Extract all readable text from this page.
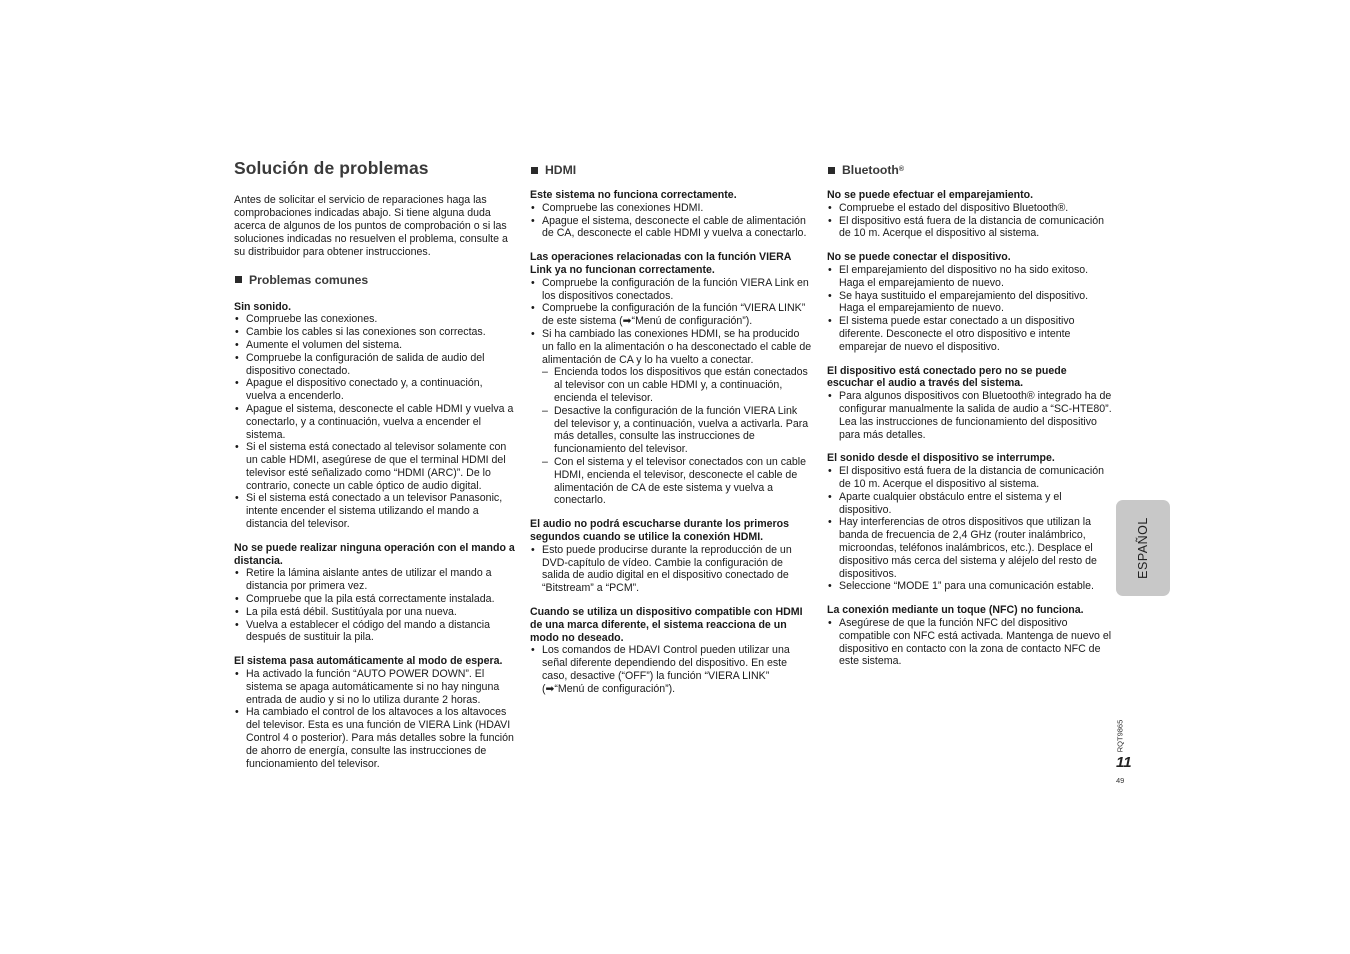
Solución de problemas

Antes de solicitar el servicio de reparaciones haga las comprobaciones indicadas abajo. Si tiene alguna duda acerca de algunos de los puntos de comprobación o si las soluciones indicadas no resuelven el problema, consulte a su distribuidor para obtener instrucciones.

Problemas comunes

Sin sonido.

• Compruebe las conexiones.
• Cambie los cables si las conexiones son correctas.
• Aumente el volumen del sistema.
• Compruebe la configuración de salida de audio del dispositivo conectado.
• Apague el dispositivo conectado y, a continuación, vuelva a encenderlo.
• Apague el sistema, desconecte el cable HDMI y vuelva a conectarlo, y a continuación, vuelva a encender el sistema.
• Si el sistema está conectado al televisor solamente con un cable HDMI, asegúrese de que el terminal HDMI del televisor esté señalizado como “HDMI (ARC)”. De lo contrario, conecte un cable óptico de audio digital.
• Si el sistema está conectado a un televisor Panasonic, intente encender el sistema utilizando el mando a distancia del televisor.

No se puede realizar ninguna operación con el mando a distancia.

• Retire la lámina aislante antes de utilizar el mando a distancia por primera vez.
• Compruebe que la pila está correctamente instalada.
• La pila está débil. Sustitúyala por una nueva.
• Vuelva a establecer el código del mando a distancia después de sustituir la pila.

El sistema pasa automáticamente al modo de espera.

• Ha activado la función “AUTO POWER DOWN”. El sistema se apaga automáticamente si no hay ninguna entrada de audio y si no lo utiliza durante 2 horas.
• Ha cambiado el control de los altavoces a los altavoces del televisor. Esta es una función de VIERA Link (HDAVI Control 4 o posterior). Para más detalles sobre la función de ahorro de energía, consulte las instrucciones de funcionamiento del televisor.
HDMI

Este sistema no funciona correctamente.

• Compruebe las conexiones HDMI.
• Apague el sistema, desconecte el cable de alimentación de CA, desconecte el cable HDMI y vuelva a conectarlo.

Las operaciones relacionadas con la función VIERA Link ya no funcionan correctamente.

• Compruebe la configuración de la función VIERA Link en los dispositivos conectados.
• Compruebe la configuración de la función “VIERA LINK” de este sistema (➡“Menú de configuración”).
• Si ha cambiado las conexiones HDMI, se ha producido un fallo en la alimentación o ha desconectado el cable de alimentación de CA y lo ha vuelto a conectar.
– Encienda todos los dispositivos que están conectados al televisor con un cable HDMI y, a continuación, encienda el televisor.
– Desactive la configuración de la función VIERA Link del televisor y, a continuación, vuelva a activarla. Para más detalles, consulte las instrucciones de funcionamiento del televisor.
– Con el sistema y el televisor conectados con un cable HDMI, encienda el televisor, desconecte el cable de alimentación de CA de este sistema y vuelva a conectarlo.

El audio no podrá escucharse durante los primeros segundos cuando se utilice la conexión HDMI.

• Esto puede producirse durante la reproducción de un DVD-capítulo de vídeo. Cambie la configuración de salida de audio digital en el dispositivo conectado de “Bitstream” a “PCM”.

Cuando se utiliza un dispositivo compatible con HDMI de una marca diferente, el sistema reacciona de un modo no deseado.

• Los comandos de HDAVI Control pueden utilizar una señal diferente dependiendo del dispositivo. En este caso, desactive (“OFF”) la función “VIERA LINK” (➡“Menú de configuración”).
Bluetooth ®

No se puede efectuar el emparejamiento.

• Compruebe el estado del dispositivo Bluetooth®.
• El dispositivo está fuera de la distancia de comunicación de 10 m. Acerque el dispositivo al sistema.

No se puede conectar el dispositivo.

• El emparejamiento del dispositivo no ha sido exitoso. Haga el emparejamiento de nuevo.
• Se haya sustituido el emparejamiento del dispositivo. Haga el emparejamiento de nuevo.
• El sistema puede estar conectado a un dispositivo diferente. Desconecte el otro dispositivo e intente emparejar de nuevo el dispositivo.

El dispositivo está conectado pero no se puede escuchar el audio a través del sistema.

• Para algunos dispositivos con Bluetooth® integrado ha de configurar manualmente la salida de audio a “SC-HTE80”. Lea las instrucciones de funcionamiento del dispositivo para más detalles.

El sonido desde el dispositivo se interrumpe.

• El dispositivo está fuera de la distancia de comunicación de 10 m. Acerque el dispositivo al sistema.
• Aparte cualquier obstáculo entre el sistema y el dispositivo.
• Hay interferencias de otros dispositivos que utilizan la banda de frecuencia de 2,4 GHz (router inalámbrico, microondas, teléfonos inalámbricos, etc.). Desplace el dispositivo más cerca del sistema y aléjelo del resto de dispositivos.
• Seleccione “MODE 1” para una comunicación estable.

La conexión mediante un toque (NFC) no funciona.

• Asegúrese de que la función NFC del dispositivo compatible con NFC está activada. Mantenga de nuevo el dispositivo en contacto con la zona de contacto NFC de este sistema.
ESPAÑOL
RQT9865
11
49
